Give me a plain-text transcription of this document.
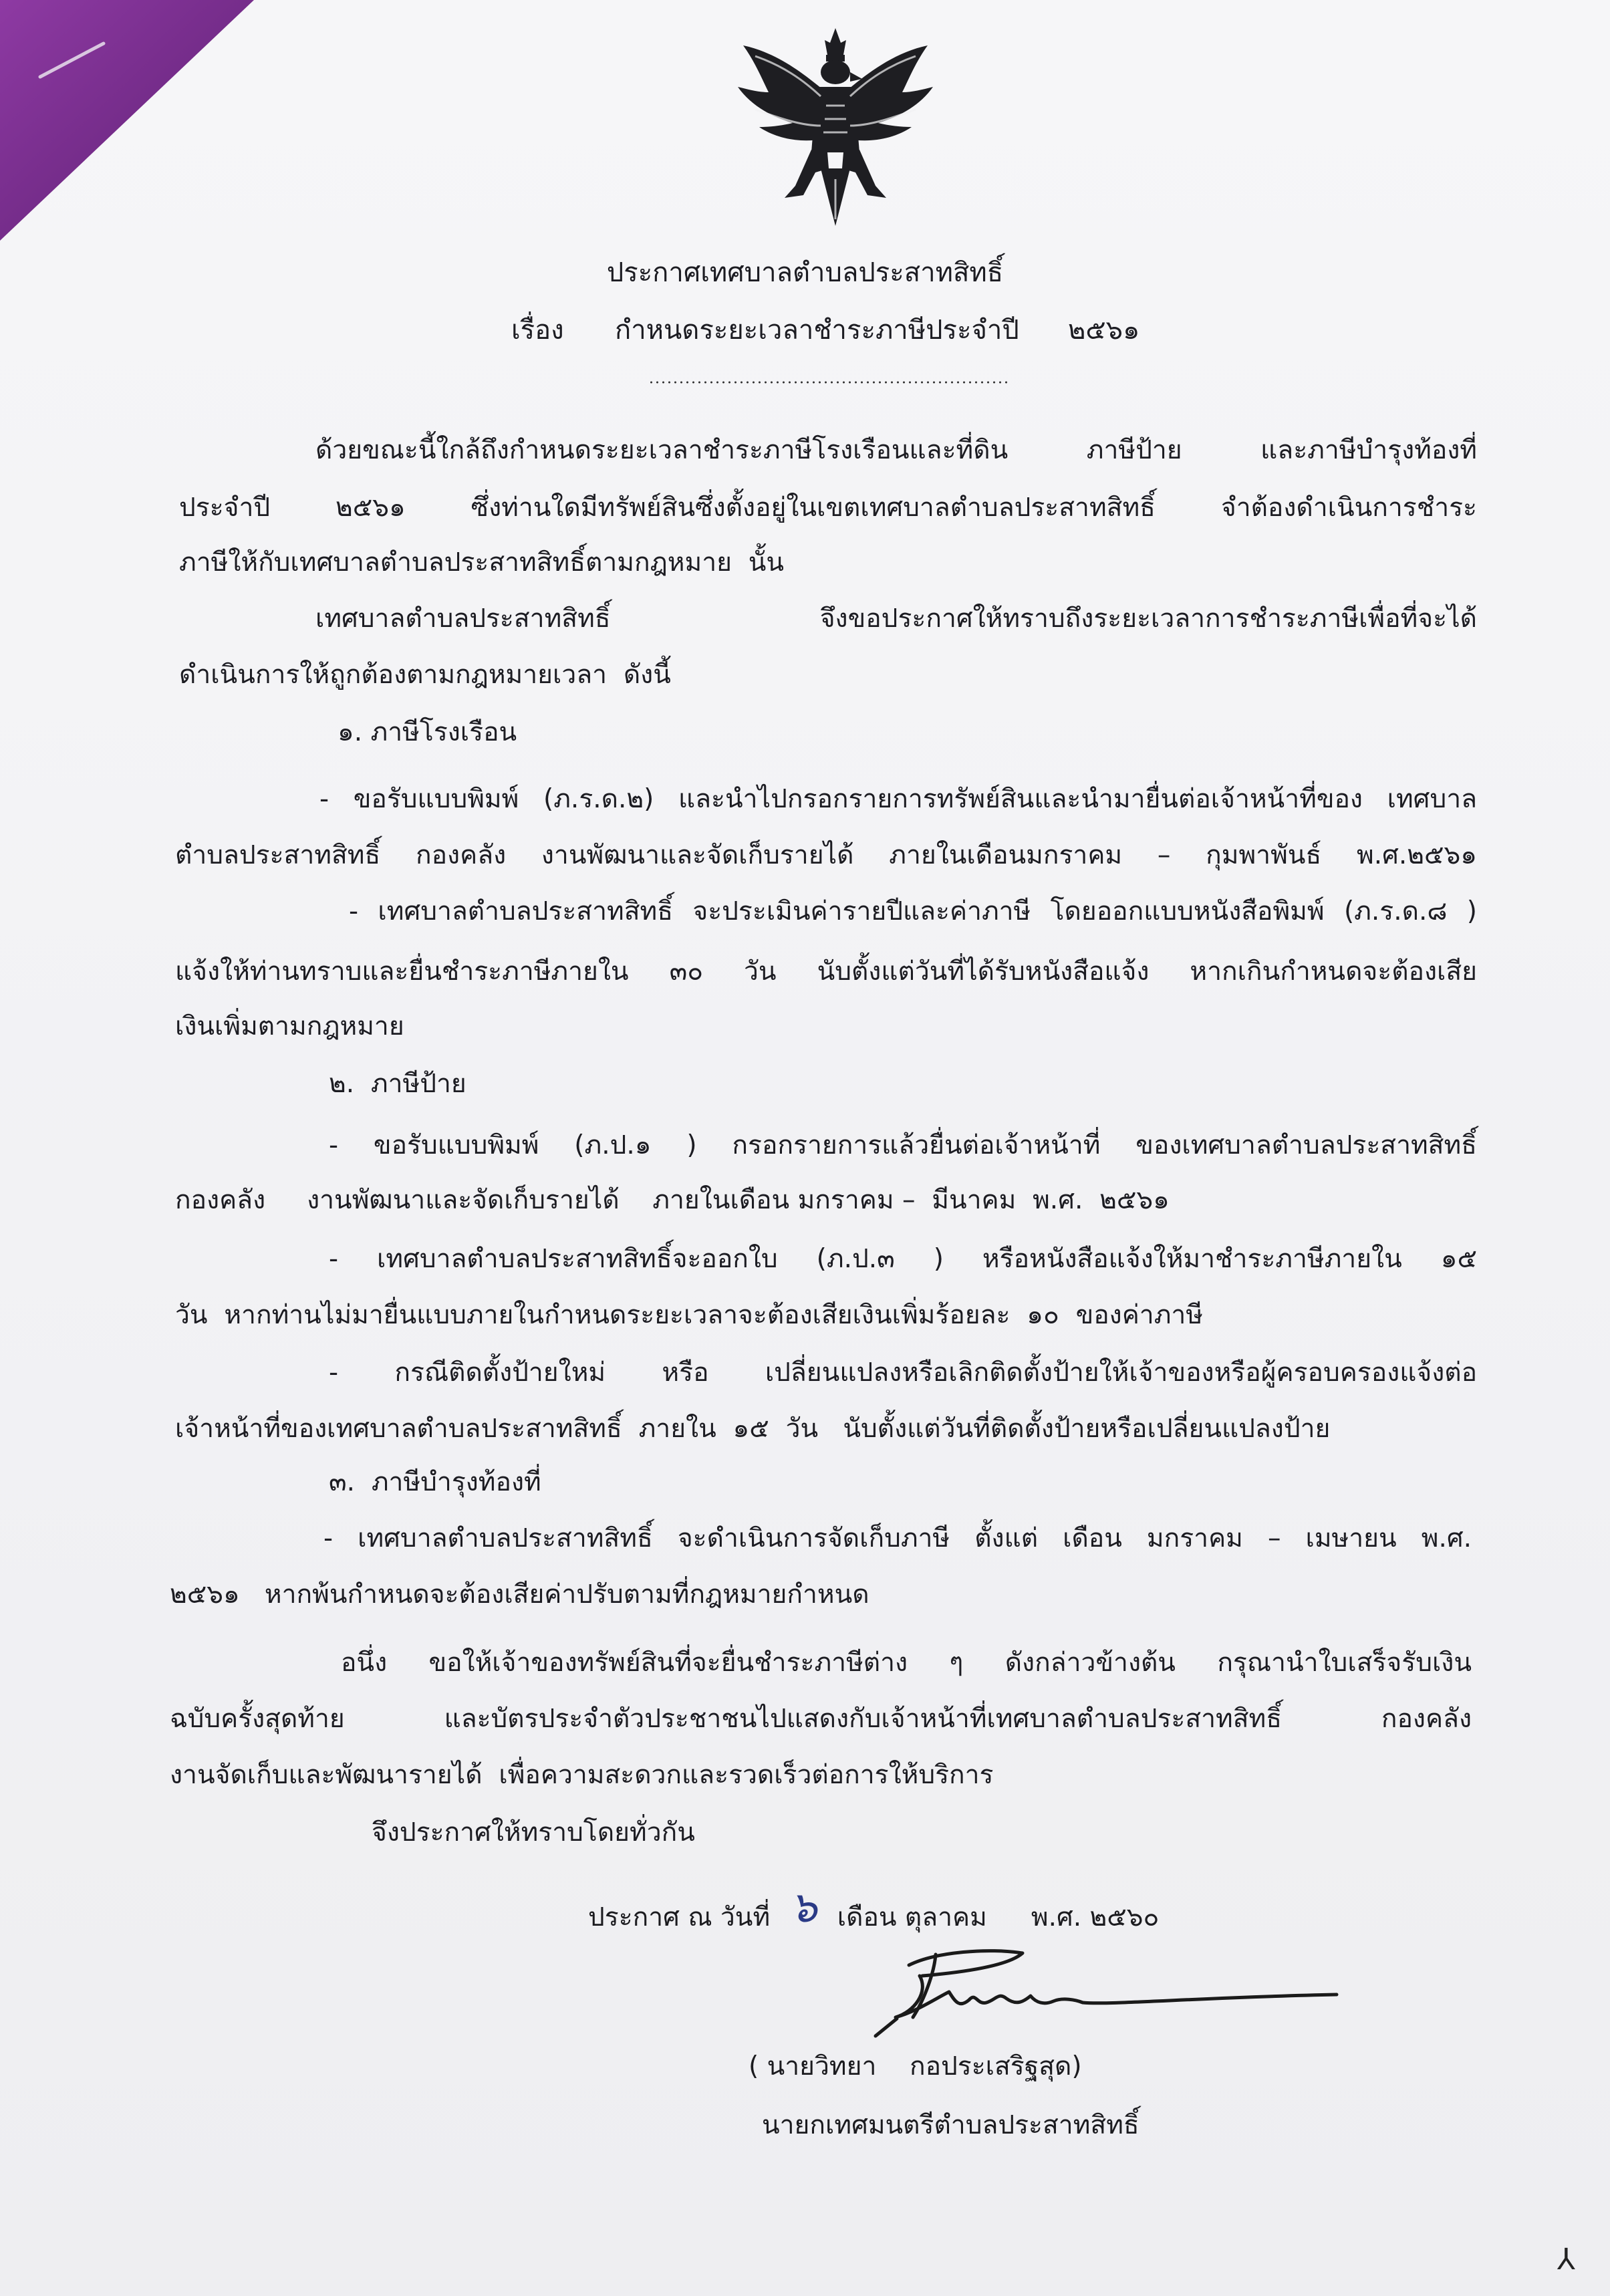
ประกาศเทศบาลตำบลประสาทสิทธิ์
เรื่อง กำหนดระยะเวลาชำระภาษีประจำปี ๒๕๖๑
ด้วยขณะนี้ใกล้ถึงกำหนดระยะเวลาชำระภาษีโรงเรือนและที่ดิน ภาษีป้าย และภาษีบำรุงท้องที่
ประจำปี ๒๕๖๑ ซึ่งท่านใดมีทรัพย์สินซึ่งตั้งอยู่ในเขตเทศบาลตำบลประสาทสิทธิ์ จำต้องดำเนินการชำระ
ภาษีให้กับเทศบาลตำบลประสาทสิทธิ์ตามกฎหมาย  นั้น
เทศบาลตำบลประสาทสิทธิ์ จึงขอประกาศให้ทราบถึงระยะเวลาการชำระภาษีเพื่อที่จะได้
ดำเนินการให้ถูกต้องตามกฎหมายเวลา  ดังนี้
๑. ภาษีโรงเรือน
- ขอรับแบบพิมพ์ (ภ.ร.ด.๒) และนำไปกรอกรายการทรัพย์สินและนำมายื่นต่อเจ้าหน้าที่ของ เทศบาล
ตำบลประสาทสิทธิ์ กองคลัง งานพัฒนาและจัดเก็บรายได้ ภายในเดือนมกราคม – กุมพาพันธ์ พ.ศ.๒๕๖๑
- เทศบาลตำบลประสาทสิทธิ์ จะประเมินค่ารายปีและค่าภาษี โดยออกแบบหนังสือพิมพ์ (ภ.ร.ด.๘ )
แจ้งให้ท่านทราบและยื่นชำระภาษีภายใน ๓๐ วัน นับตั้งแต่วันที่ได้รับหนังสือแจ้ง หากเกินกำหนดจะต้องเสีย
เงินเพิ่มตามกฎหมาย
๒.  ภาษีป้าย
- ขอรับแบบพิมพ์ (ภ.ป.๑ ) กรอกรายการแล้วยื่นต่อเจ้าหน้าที่ ของเทศบาลตำบลประสาทสิทธิ์
กองคลัง     งานพัฒนาและจัดเก็บรายได้    ภายในเดือน มกราคม –  มีนาคม  พ.ศ.  ๒๕๖๑
- เทศบาลตำบลประสาทสิทธิ์จะออกใบ (ภ.ป.๓ ) หรือหนังสือแจ้งให้มาชำระภาษีภายใน ๑๕
วัน  หากท่านไม่มายื่นแบบภายในกำหนดระยะเวลาจะต้องเสียเงินเพิ่มร้อยละ  ๑๐  ของค่าภาษี
- กรณีติดตั้งป้ายใหม่ หรือ เปลี่ยนแปลงหรือเลิกติดตั้งป้ายให้เจ้าของหรือผู้ครอบครองแจ้งต่อ
เจ้าหน้าที่ของเทศบาลตำบลประสาทสิทธิ์  ภายใน  ๑๕  วัน   นับตั้งแต่วันที่ติดตั้งป้ายหรือเปลี่ยนแปลงป้าย
๓.  ภาษีบำรุงท้องที่
- เทศบาลตำบลประสาทสิทธิ์ จะดำเนินการจัดเก็บภาษี ตั้งแต่ เดือน มกราคม – เมษายน พ.ศ.
๒๕๖๑   หากพ้นกำหนดจะต้องเสียค่าปรับตามที่กฎหมายกำหนด
อนึ่ง ขอให้เจ้าของทรัพย์สินที่จะยื่นชำระภาษีต่าง ๆ ดังกล่าวข้างต้น กรุณานำใบเสร็จรับเงิน
ฉบับครั้งสุดท้าย และบัตรประจำตัวประชาชนไปแสดงกับเจ้าหน้าที่เทศบาลตำบลประสาทสิทธิ์ กองคลัง
งานจัดเก็บและพัฒนารายได้  เพื่อความสะดวกและรวดเร็วต่อการให้บริการ
จึงประกาศให้ทราบโดยทั่วกัน
ประกาศ ณ วันที่ ๖ เดือน ตุลาคม พ.ศ. ๒๕๖๐
( นายวิทยา    กอประเสริฐสุด)
นายกเทศมนตรีตำบลประสาทสิทธิ์
⅄
